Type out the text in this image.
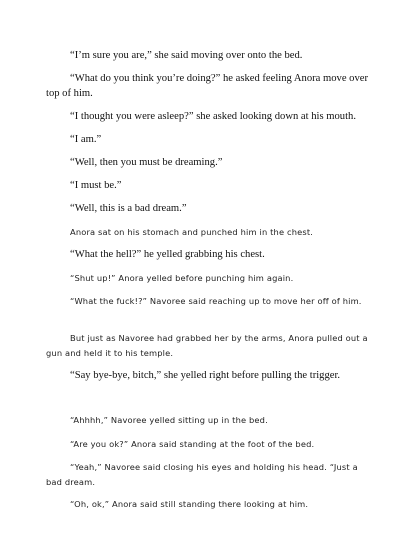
“I’m sure you are,” she said moving over onto the bed.

“What do you think you’re doing?” he asked feeling Anora move over top of him.

“I thought you were asleep?” she asked looking down at his mouth.

“I am.”

“Well, then you must be dreaming.”

“I must be.”

“Well, this is a bad dream.”

Anora sat on his stomach and punched him in the chest.

“What the hell?” he yelled grabbing his chest.

“Shut up!” Anora yelled before punching him again.

“What the fuck!?” Navoree said reaching up to move her off of him.

But just as Navoree had grabbed her by the arms, Anora pulled out a gun and held it to his temple.

“Say bye-bye, bitch,” she yelled right before pulling the trigger.

“Ahhhh,” Navoree yelled sitting up in the bed.

“Are you ok?” Anora said standing at the foot of the bed.

“Yeah,” Navoree said closing his eyes and holding his head. “Just a bad dream.

“Oh, ok,” Anora said still standing there looking at him.
